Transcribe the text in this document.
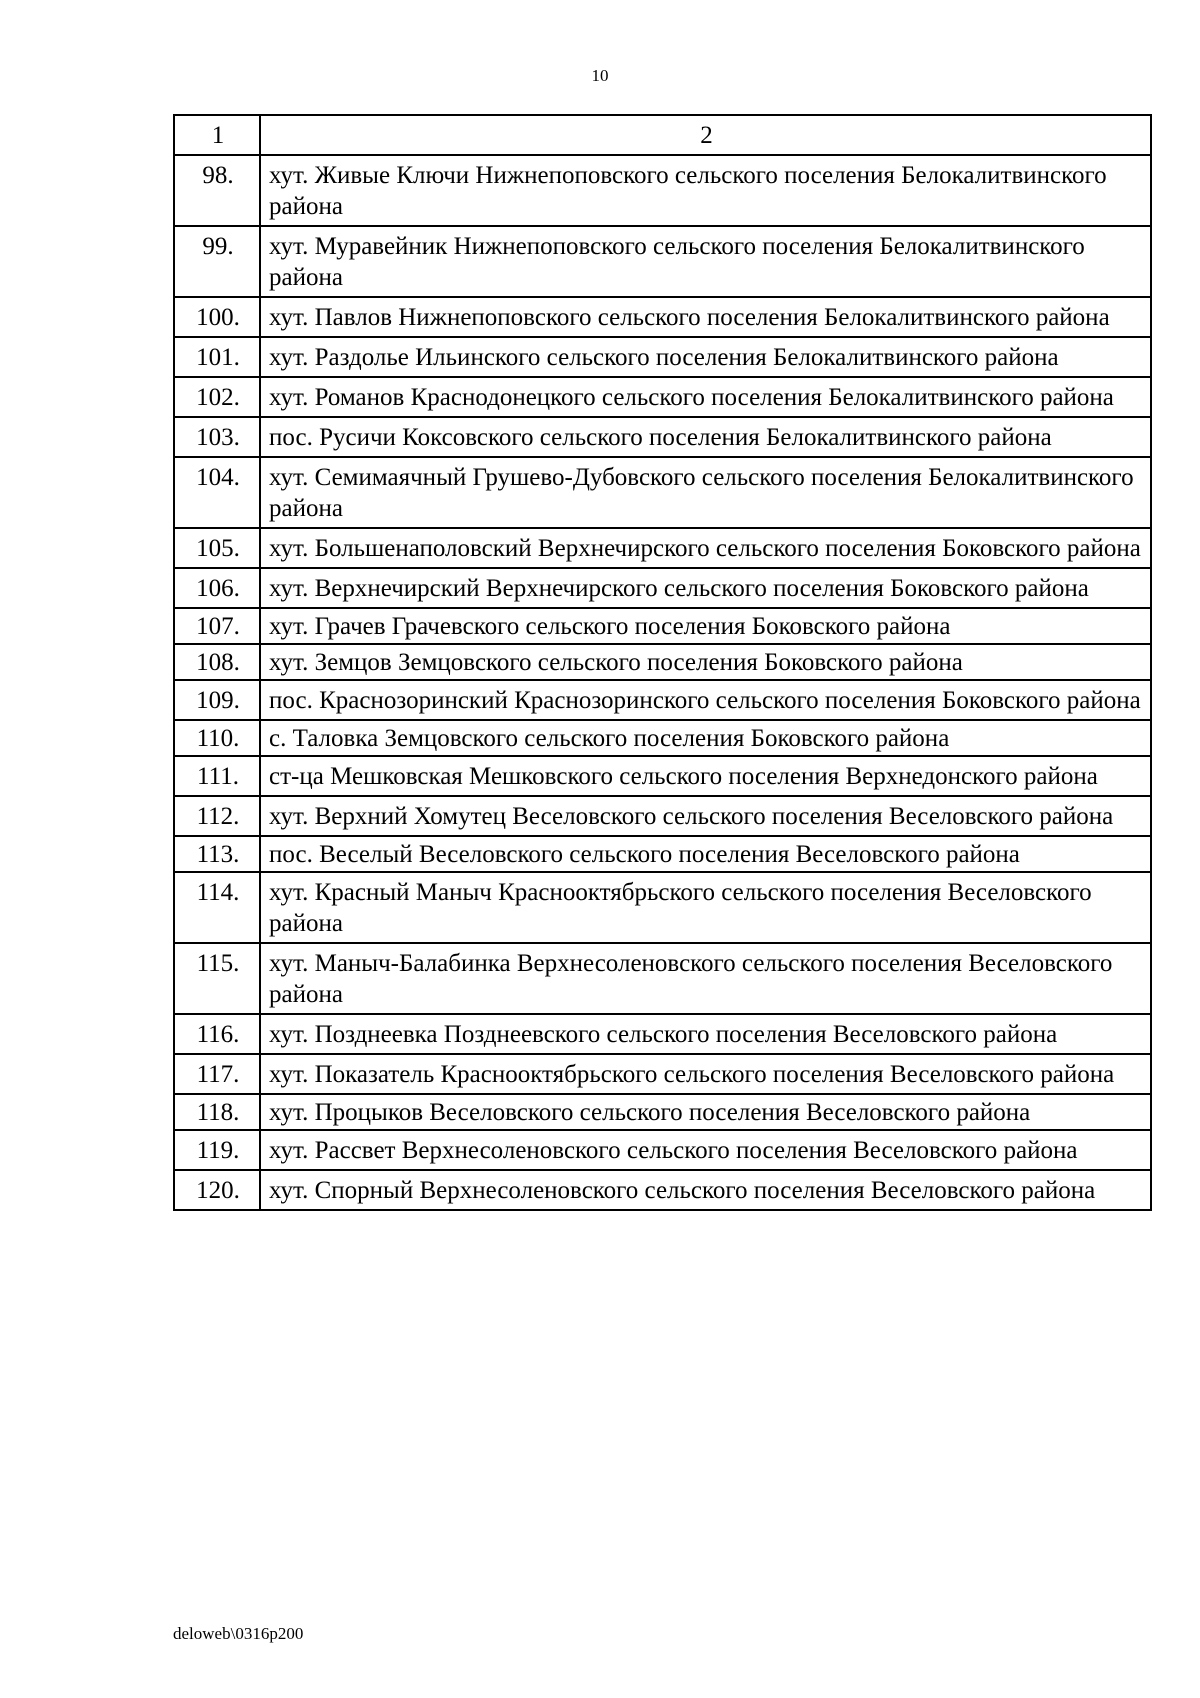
10
1	2
98.	хут. Живые Ключи Нижнепоповского сельского поселения Белокалитвинского района
99.	хут. Муравейник Нижнепоповского сельского поселения Белокалитвинского района
100.	хут. Павлов Нижнепоповского сельского поселения Белокалитвинского района
101.	хут. Раздолье Ильинского сельского поселения Белокалитвинского района
102.	хут. Романов Краснодонецкого сельского поселения Белокалитвинского района
103.	пос. Русичи Коксовского сельского поселения Белокалитвинского района
104.	хут. Семимаячный Грушево-Дубовского сельского поселения Белокалитвинского района
105.	хут. Большенаполовский Верхнечирского сельского поселения Боковского района
106.	хут. Верхнечирский Верхнечирского сельского поселения Боковского района
107.	хут. Грачев Грачевского сельского поселения Боковского района
108.	хут. Земцов Земцовского сельского поселения Боковского района
109.	пос. Краснозоринский Краснозоринского сельского поселения Боковского района
110.	с. Таловка Земцовского сельского поселения Боковского района
111.	ст-ца Мешковская Мешковского сельского поселения Верхнедонского района
112.	хут. Верхний Хомутец Веселовского сельского поселения Веселовского района
113.	пос. Веселый Веселовского сельского поселения Веселовского района
114.	хут. Красный Маныч Краснооктябрьского сельского поселения Веселовского района
115.	хут. Маныч-Балабинка Верхнесоленовского сельского поселения Веселовского района
116.	хут. Позднеевка Позднеевского сельского поселения Веселовского района
117.	хут. Показатель Краснооктябрьского сельского поселения Веселовского района
118.	хут. Процыков Веселовского сельского поселения Веселовского района
119.	хут. Рассвет Верхнесоленовского сельского поселения Веселовского района
120.	хут. Спорный Верхнесоленовского сельского поселения Веселовского района
deloweb\0316p200
